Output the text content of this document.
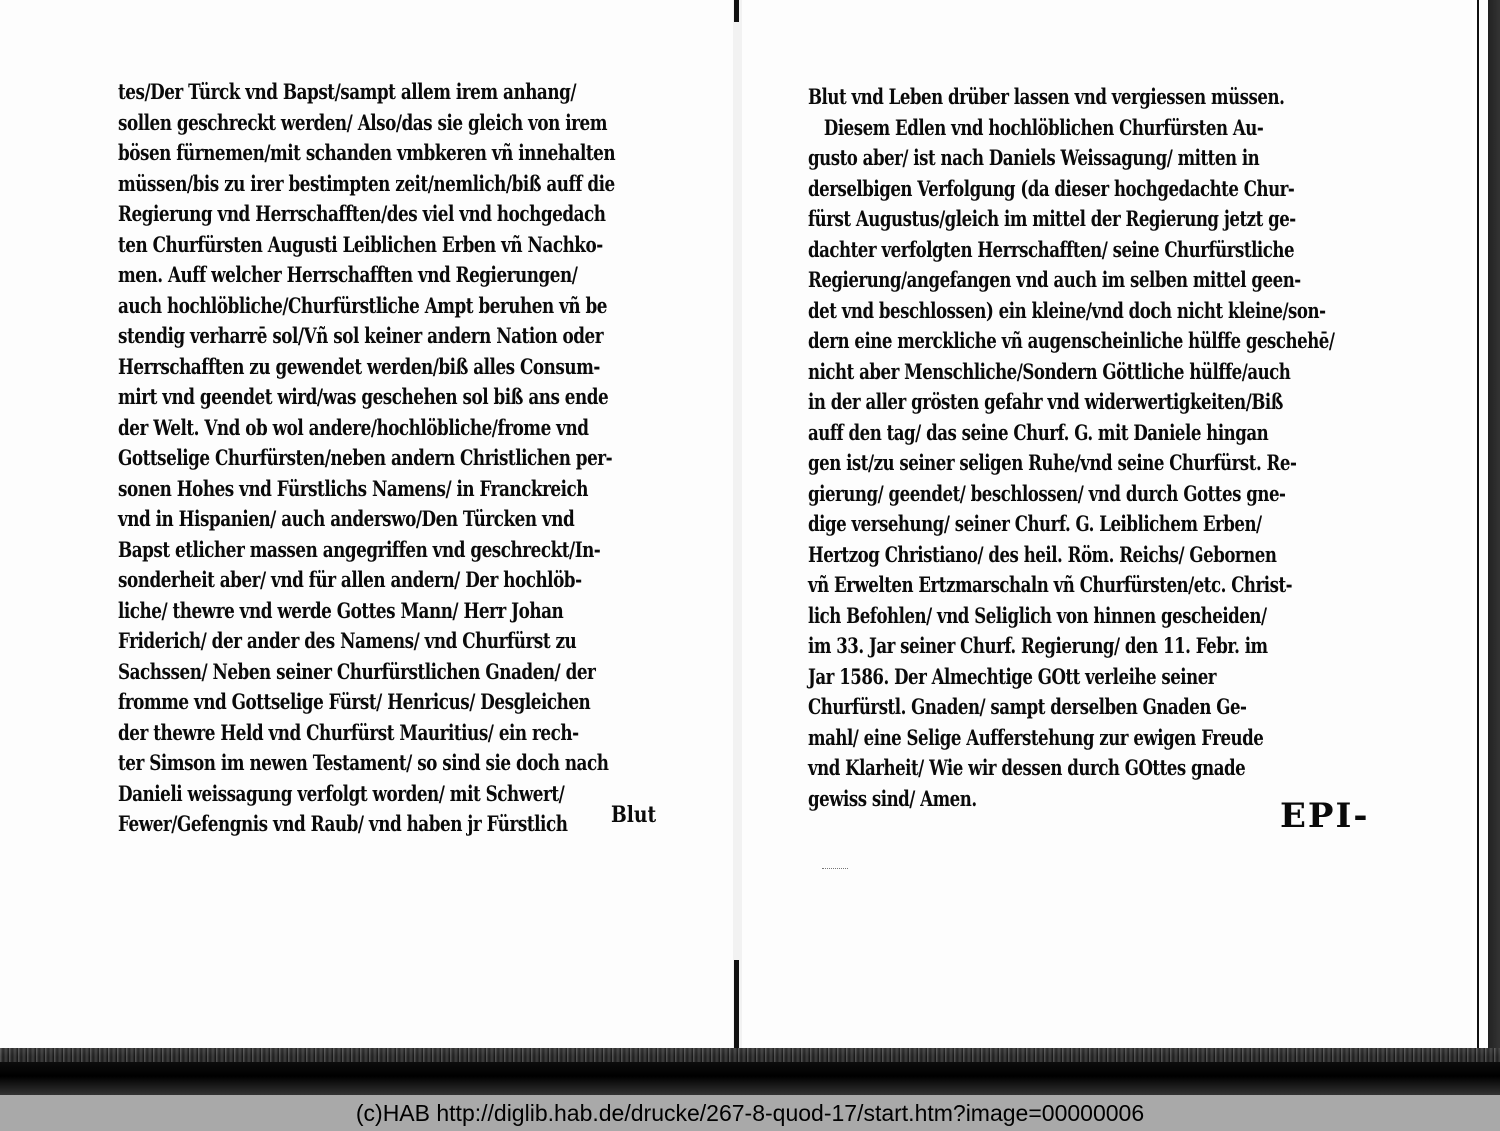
tes/Der Türck vnd Bapst/sampt allem irem anhang/
sollen geschreckt werden/ Also/das sie gleich von irem
bösen fürnemen/mit schanden vmbkeren vñ innehalten
müssen/bis zu irer bestimpten zeit/nemlich/biß auff die
Regierung vnd Herrschafften/des viel vnd hochgedach
ten Churfürsten Augusti Leiblichen Erben vñ Nachko-
men. Auff welcher Herrschafften vnd Regierungen/
auch hochlöbliche/Churfürstliche Ampt beruhen vñ be
stendig verharrē sol/Vñ sol keiner andern Nation oder
Herrschafften zu gewendet werden/biß alles Consum-
mirt vnd geendet wird/was geschehen sol biß ans ende
der Welt. Vnd ob wol andere/hochlöbliche/frome vnd
Gottselige Churfürsten/neben andern Christlichen per-
sonen Hohes vnd Fürstlichs Namens/ in Franckreich
vnd in Hispanien/ auch anderswo/Den Türcken vnd
Bapst etlicher massen angegriffen vnd geschreckt/In-
sonderheit aber/ vnd für allen andern/ Der hochlöb-
liche/ thewre vnd werde Gottes Mann/ Herr Johan
Friderich/ der ander des Namens/ vnd Churfürst zu
Sachssen/ Neben seiner Churfürstlichen Gnaden/ der
fromme vnd Gottselige Fürst/ Henricus/ Desgleichen
der thewre Held vnd Churfürst Mauritius/ ein rech-
ter Simson im newen Testament/ so sind sie doch nach
Danieli weissagung verfolgt worden/ mit Schwert/
Fewer/Gefengnis vnd Raub/ vnd haben jr Fürstlich	Blut
Blut vnd Leben drüber lassen vnd vergiessen müssen.
Diesem Edlen vnd hochlöblichen Churfürsten Au-
gusto aber/ ist nach Daniels Weissagung/ mitten in
derselbigen Verfolgung (da dieser hochgedachte Chur-
fürst Augustus/gleich im mittel der Regierung jetzt ge-
dachter verfolgten Herrschafften/ seine Churfürstliche
Regierung/angefangen vnd auch im selben mittel geen-
det vnd beschlossen) ein kleine/vnd doch nicht kleine/son-
dern eine merckliche vñ augenscheinliche hülffe geschehē/
nicht aber Menschliche/Sondern Göttliche hülffe/auch
in der aller grösten gefahr vnd widerwertigkeiten/Biß
auff den tag/ das seine Churf. G. mit Daniele hingan
gen ist/zu seiner seligen Ruhe/vnd seine Churfürst. Re-
gierung/ geendet/ beschlossen/ vnd durch Gottes gne-
dige versehung/ seiner Churf. G. Leiblichem Erben/
Hertzog Christiano/ des heil. Röm. Reichs/ Gebornen
vñ Erwelten Ertzmarschaln vñ Churfürsten/etc. Christ-
lich Befohlen/ vnd Seliglich von hinnen gescheiden/
im 33. Jar seiner Churf. Regierung/ den 11. Febr. im
Jar 1586. Der Almechtige GOtt verleihe seiner
Churfürstl. Gnaden/ sampt derselben Gnaden Ge-
mahl/ eine Selige Aufferstehung zur ewigen Freude
vnd Klarheit/ Wie wir dessen durch GOttes gnade
gewiss sind/ Amen.	EPI-
(c)HAB http://diglib.hab.de/drucke/267-8-quod-17/start.htm?image=00000006
